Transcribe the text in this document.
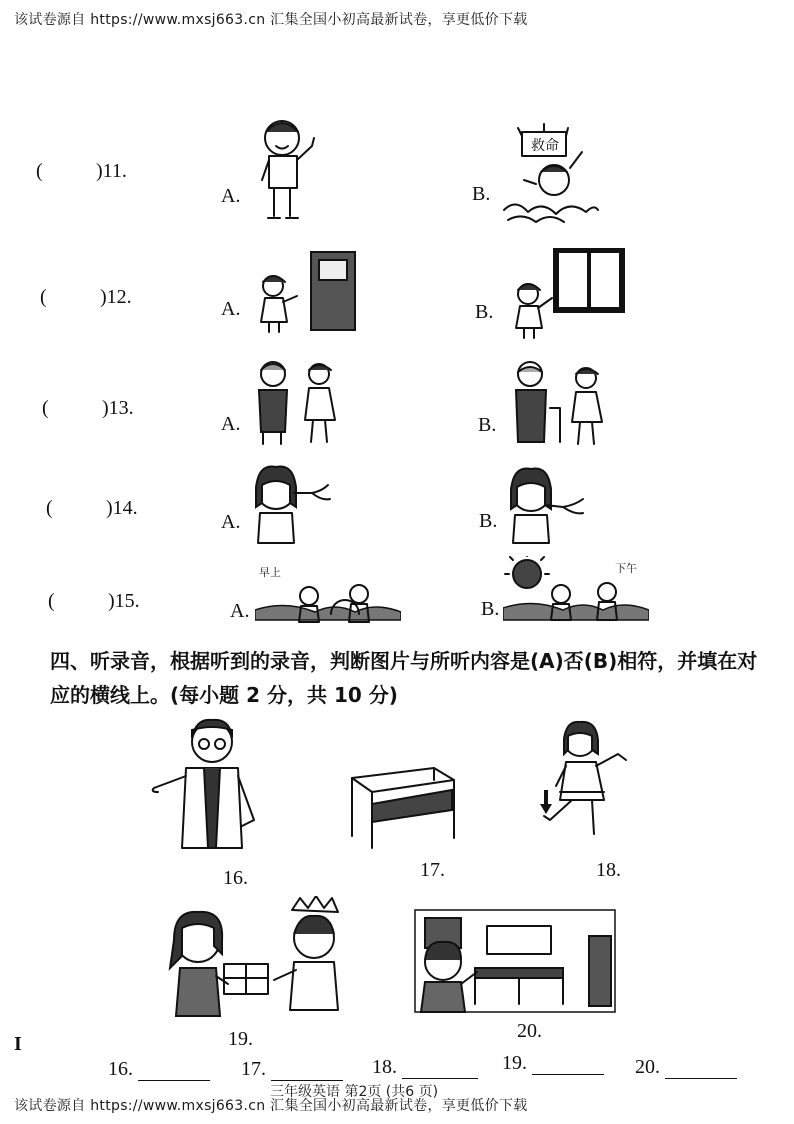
该试卷源自 https://www.mxsj663.cn 汇集全国小初高最新试卷，享更低价下载
(	)11.
A.	B.
救命
(	)12.
A.	B.
(	)13.
A.	B.
(	)14.
A.	B.
(	)15.	A.
早上
B.
下午
四、听录音，根据听到的录音，判断图片与所听内容是(A)否(B)相符，并填在对应的横线上。(每小题 2 分，共 10 分)
16.	17.	18.
19.	20.
I
16.	17.	18.	19.	20.
三年级英语 第2页 (共6 页)
该试卷源自 https://www.mxsj663.cn 汇集全国小初高最新试卷，享更低价下载
